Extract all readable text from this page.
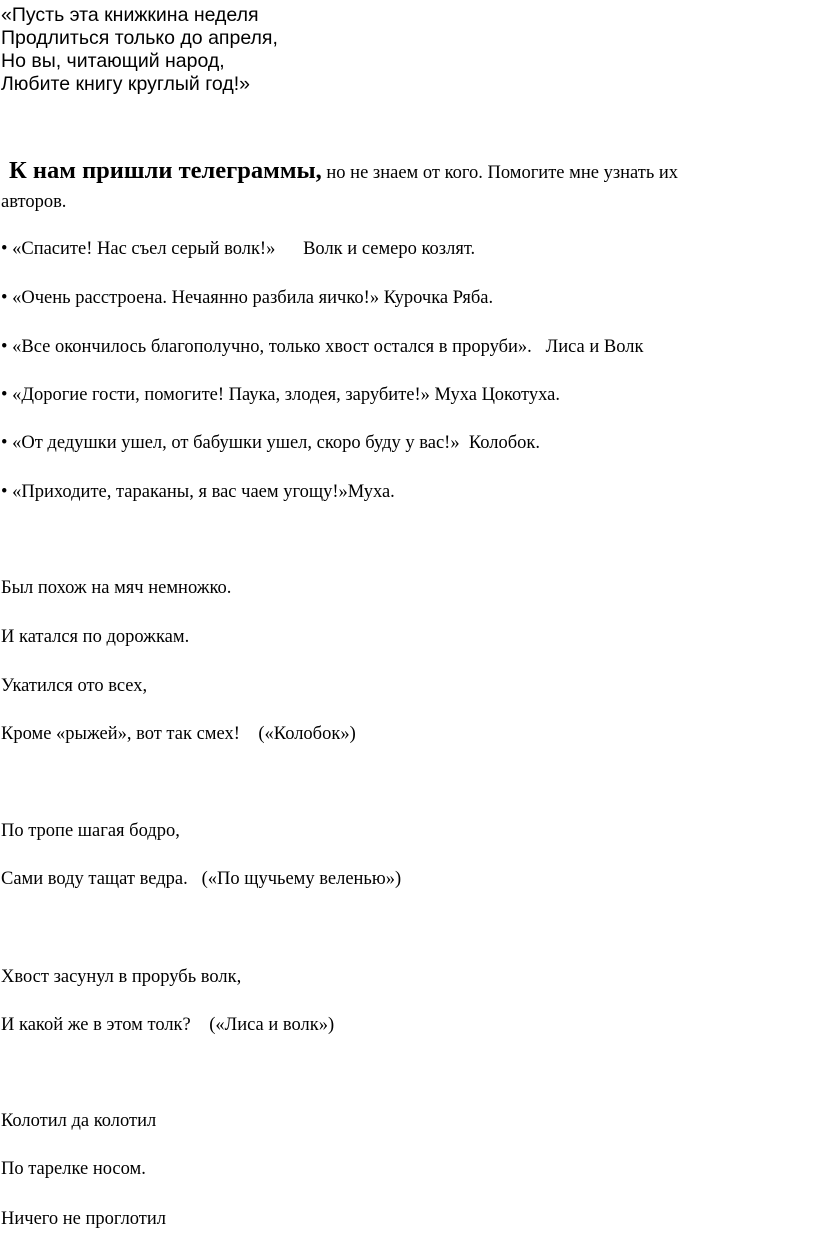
«Пусть эта книжкина неделя
Продлиться только до апреля,
Но вы, читающий народ,
Любите книгу круглый год!»
К нам пришли телеграммы, но не знаем от кого. Помогите мне узнать их
авторов.
• «Спасите! Нас съел серый волк!»      Волк и семеро козлят.
• «Очень расстроена. Нечаянно разбила яичко!» Курочка Ряба.
• «Все окончилось благополучно, только хвост остался в проруби».   Лиса и Волк
• «Дорогие гости, помогите! Паука, злодея, зарубите!» Муха Цокотуха.
• «От дедушки ушел, от бабушки ушел, скоро буду у вас!»  Колобок.
• «Приходите, тараканы, я вас чаем угощу!»Муха.
Был похож на мяч немножко.
И катался по дорожкам.
Укатился ото всех,
Кроме «рыжей», вот так смех!    («Колобок»)
По тропе шагая бодро,
Сами воду тащат ведра.   («По щучьему веленью»)
Хвост засунул в прорубь волк,
И какой же в этом толк?    («Лиса и волк»)
Колотил да колотил
По тарелке носом.
Ничего не проглотил
